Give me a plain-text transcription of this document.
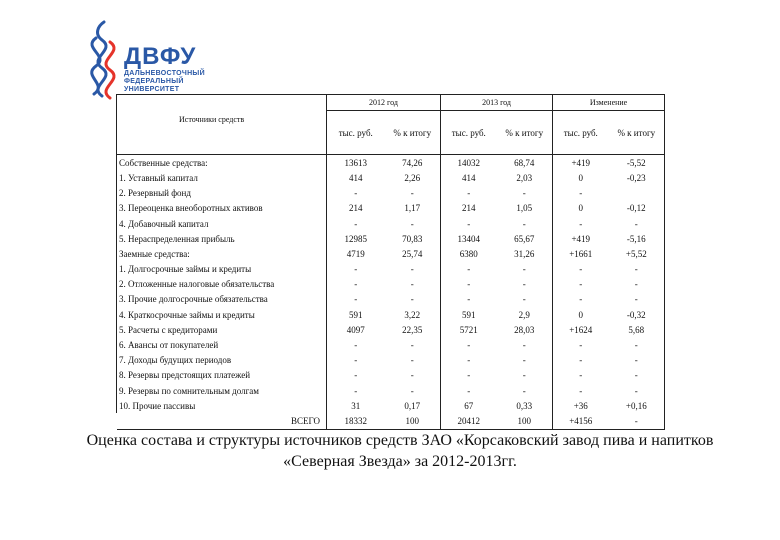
ДВФУ
ДАЛЬНЕВОСТОЧНЫЙ
ФЕДЕРАЛЬНЫЙ
УНИВЕРСИТЕТ
Источники средств	2012 год		2013 год		Изменение	
	тыс. руб.	% к итогу	тыс. руб.	% к итогу	тыс. руб.	% к итогу
Собственные средства:	13613	74,26	14032	68,74	+419	-5,52
1. Уставный капитал	414	2,26	414	2,03	0	-0,23
2. Резервный фонд	-	-	-	-	-	
3. Переоценка внеоборотных активов	214	1,17	214	1,05	0	-0,12
4. Добавочный капитал	-	-	-	-	-	-
5. Нераспределенная прибыль	12985	70,83	13404	65,67	+419	-5,16
Заемные средства:	4719	25,74	6380	31,26	+1661	+5,52
1. Долгосрочные займы и кредиты	-	-	-	-	-	-
2. Отложенные налоговые обязательства	-	-	-	-	-	-
3. Прочие долгосрочные обязательства	-	-	-	-	-	-
4. Краткосрочные займы и кредиты	591	3,22	591	2,9	0	-0,32
5. Расчеты с кредиторами	4097	22,35	5721	28,03	+1624	5,68
6. Авансы от покупателей	-	-	-	-	-	-
7. Доходы будущих периодов	-	-	-	-	-	-
8. Резервы предстоящих платежей	-	-	-	-	-	-
9. Резервы по сомнительным долгам	-	-	-	-	-	-
10. Прочие пассивы	31	0,17	67	0,33	+36	+0,16
ВСЕГО	18332	100	20412	100	+4156	-
Оценка состава и структуры источников средств ЗАО «Корсаковский завод пива и напитков
«Северная Звезда» за 2012-2013гг.
